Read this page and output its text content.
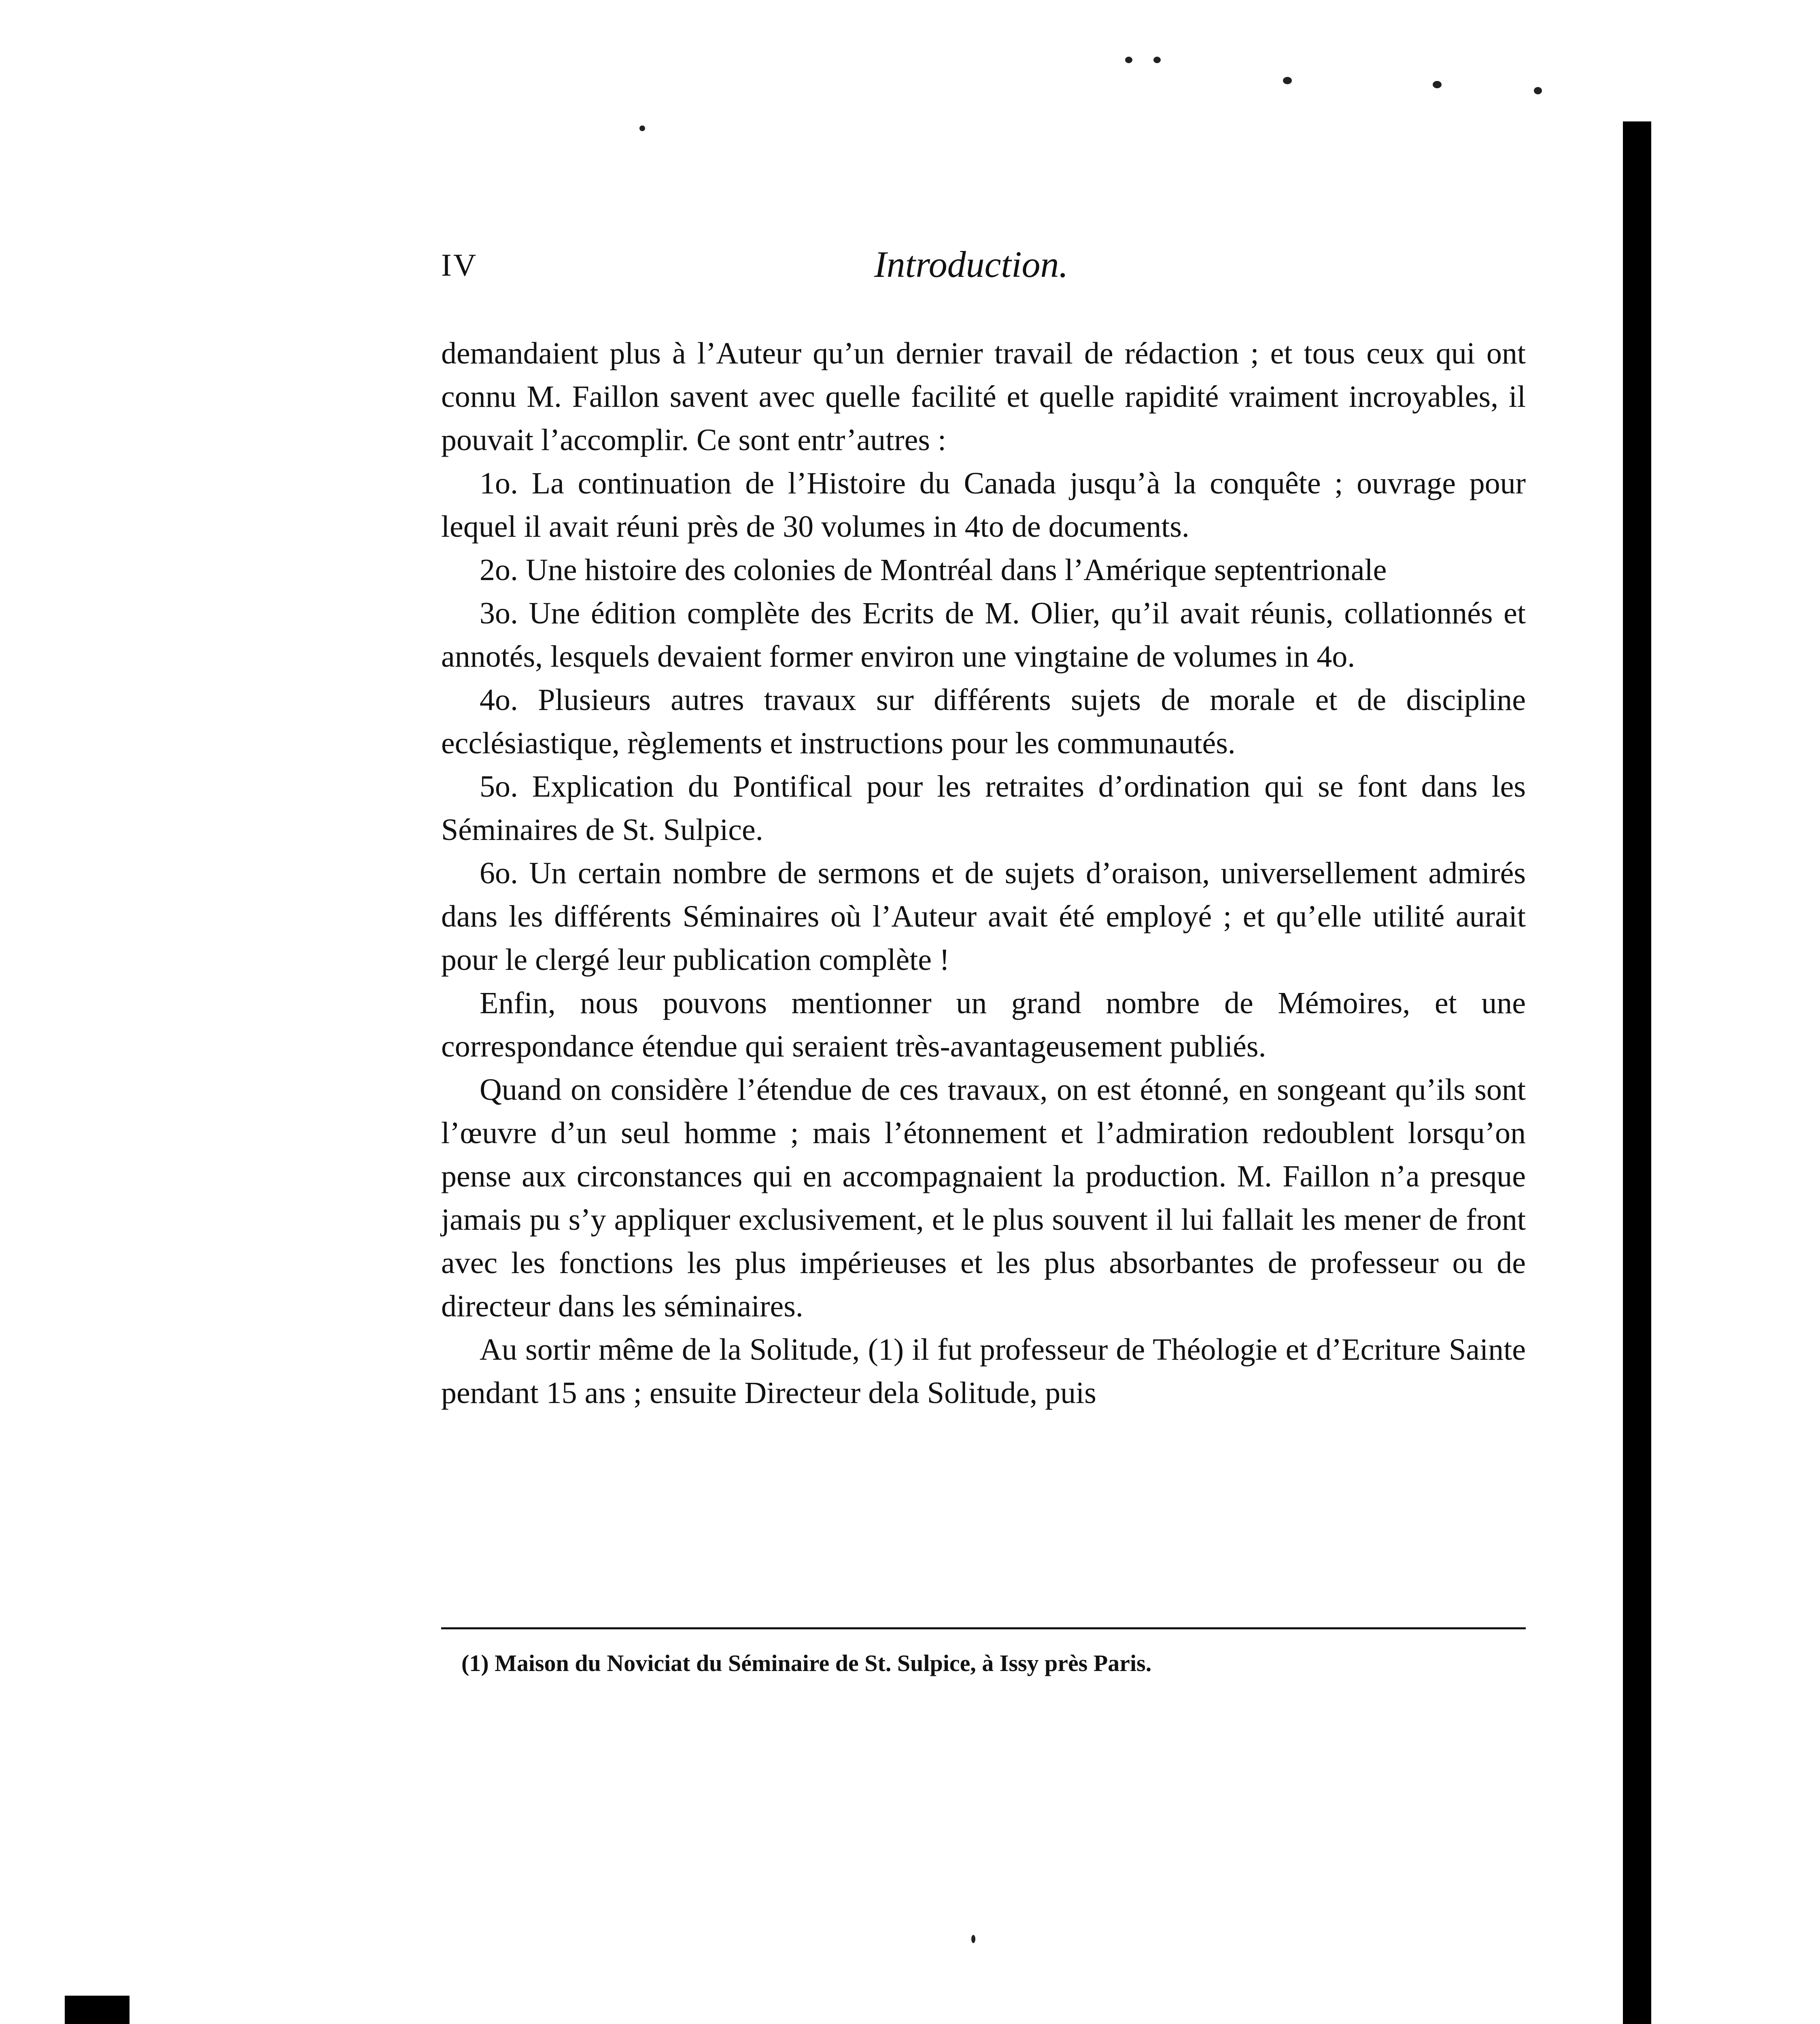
IV	Introduction.

demandaient plus à l’Auteur qu’un dernier travail de rédaction ; et tous ceux qui ont connu M. Faillon savent avec quelle facilité et quelle rapidité vraiment incroyables, il pouvait l’accomplir. Ce sont entr’autres :

1o. La continuation de l’Histoire du Canada jusqu’à la conquête ; ouvrage pour lequel il avait réuni près de 30 volumes in 4to de documents.

2o. Une histoire des colonies de Montréal dans l’Amérique septentrionale

3o. Une édition complète des Ecrits de M. Olier, qu’il avait réunis, collationnés et annotés, lesquels devaient former environ une vingtaine de volumes in 4o.

4o. Plusieurs autres travaux sur différents sujets de morale et de discipline ecclésiastique, règlements et instructions pour les communautés.

5o. Explication du Pontifical pour les retraites d’ordination qui se font dans les Séminaires de St. Sulpice.

6o. Un certain nombre de sermons et de sujets d’oraison, universellement admirés dans les différents Séminaires où l’Auteur avait été employé ; et qu’elle utilité aurait pour le clergé leur publication complète !

Enfin, nous pouvons mentionner un grand nombre de Mémoires, et une correspondance étendue qui seraient très-avantageusement publiés.

Quand on considère l’étendue de ces travaux, on est étonné, en songeant qu’ils sont l’œuvre d’un seul homme ; mais l’étonnement et l’admiration redoublent lorsqu’on pense aux circonstances qui en accompagnaient la production. M. Faillon n’a presque jamais pu s’y appliquer exclusivement, et le plus souvent il lui fallait les mener de front avec les fonctions les plus impérieuses et les plus absorbantes de professeur ou de directeur dans les séminaires.

Au sortir même de la Solitude, (1) il fut professeur de Théologie et d’Ecriture Sainte pendant 15 ans ; ensuite Directeur dela Solitude, puis

(1) Maison du Noviciat du Séminaire de St. Sulpice, à Issy près Paris.
